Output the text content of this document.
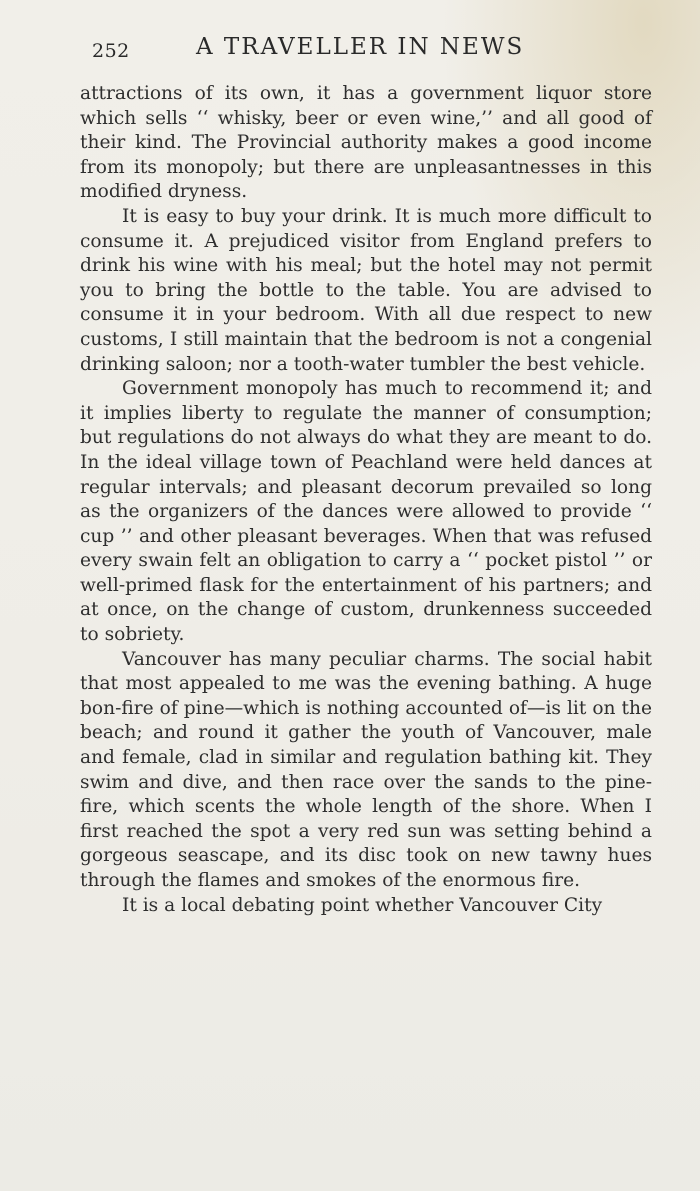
252	A TRAVELLER IN NEWS

attractions of its own, it has a government liquor store which sells ‘‘ whisky, beer or even wine,’’ and all good of their kind. The Provincial authority makes a good income from its monopoly; but there are unpleasantnesses in this modified dryness.

It is easy to buy your drink. It is much more difficult to consume it. A prejudiced visitor from England prefers to drink his wine with his meal; but the hotel may not permit you to bring the bottle to the table. You are advised to consume it in your bedroom. With all due respect to new customs, I still maintain that the bedroom is not a congenial drinking saloon; nor a tooth-water tumbler the best vehicle.

Government monopoly has much to recommend it; and it implies liberty to regulate the manner of consumption; but regulations do not always do what they are meant to do. In the ideal village town of Peachland were held dances at regular intervals; and pleasant decorum prevailed so long as the organizers of the dances were allowed to provide ‘‘ cup ’’ and other pleasant beverages. When that was refused every swain felt an obligation to carry a ‘‘ pocket pistol ’’ or well-primed flask for the entertainment of his partners; and at once, on the change of custom, drunkenness succeeded to sobriety.

Vancouver has many peculiar charms. The social habit that most appealed to me was the evening bathing. A huge bon-fire of pine—which is nothing accounted of—is lit on the beach; and round it gather the youth of Vancouver, male and female, clad in similar and regulation bathing kit. They swim and dive, and then race over the sands to the pine-fire, which scents the whole length of the shore. When I first reached the spot a very red sun was setting behind a gorgeous seascape, and its disc took on new tawny hues through the flames and smokes of the enormous fire.

It is a local debating point whether Vancouver City
